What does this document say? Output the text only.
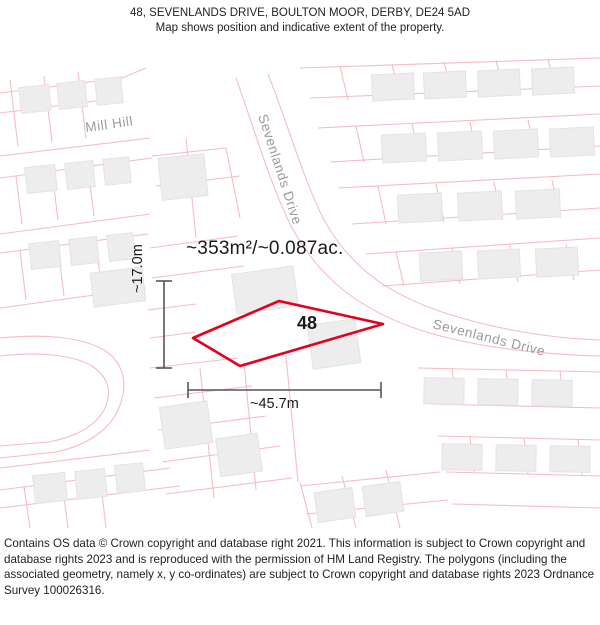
48, SEVENLANDS DRIVE, BOULTON MOOR, DERBY, DE24 5AD
Map shows position and indicative extent of the property.
Mill Hill	Sevenlands Drive
Sevenlands Drive
~353m²/~0.087ac.
48
~45.7m
~17.0m
Contains OS data © Crown copyright and database right 2021. This information is subject to Crown copyright and database rights 2023 and is reproduced with the permission of HM Land Registry. The polygons (including the associated geometry, namely x, y co-ordinates) are subject to Crown copyright and database rights 2023 Ordnance Survey 100026316.
